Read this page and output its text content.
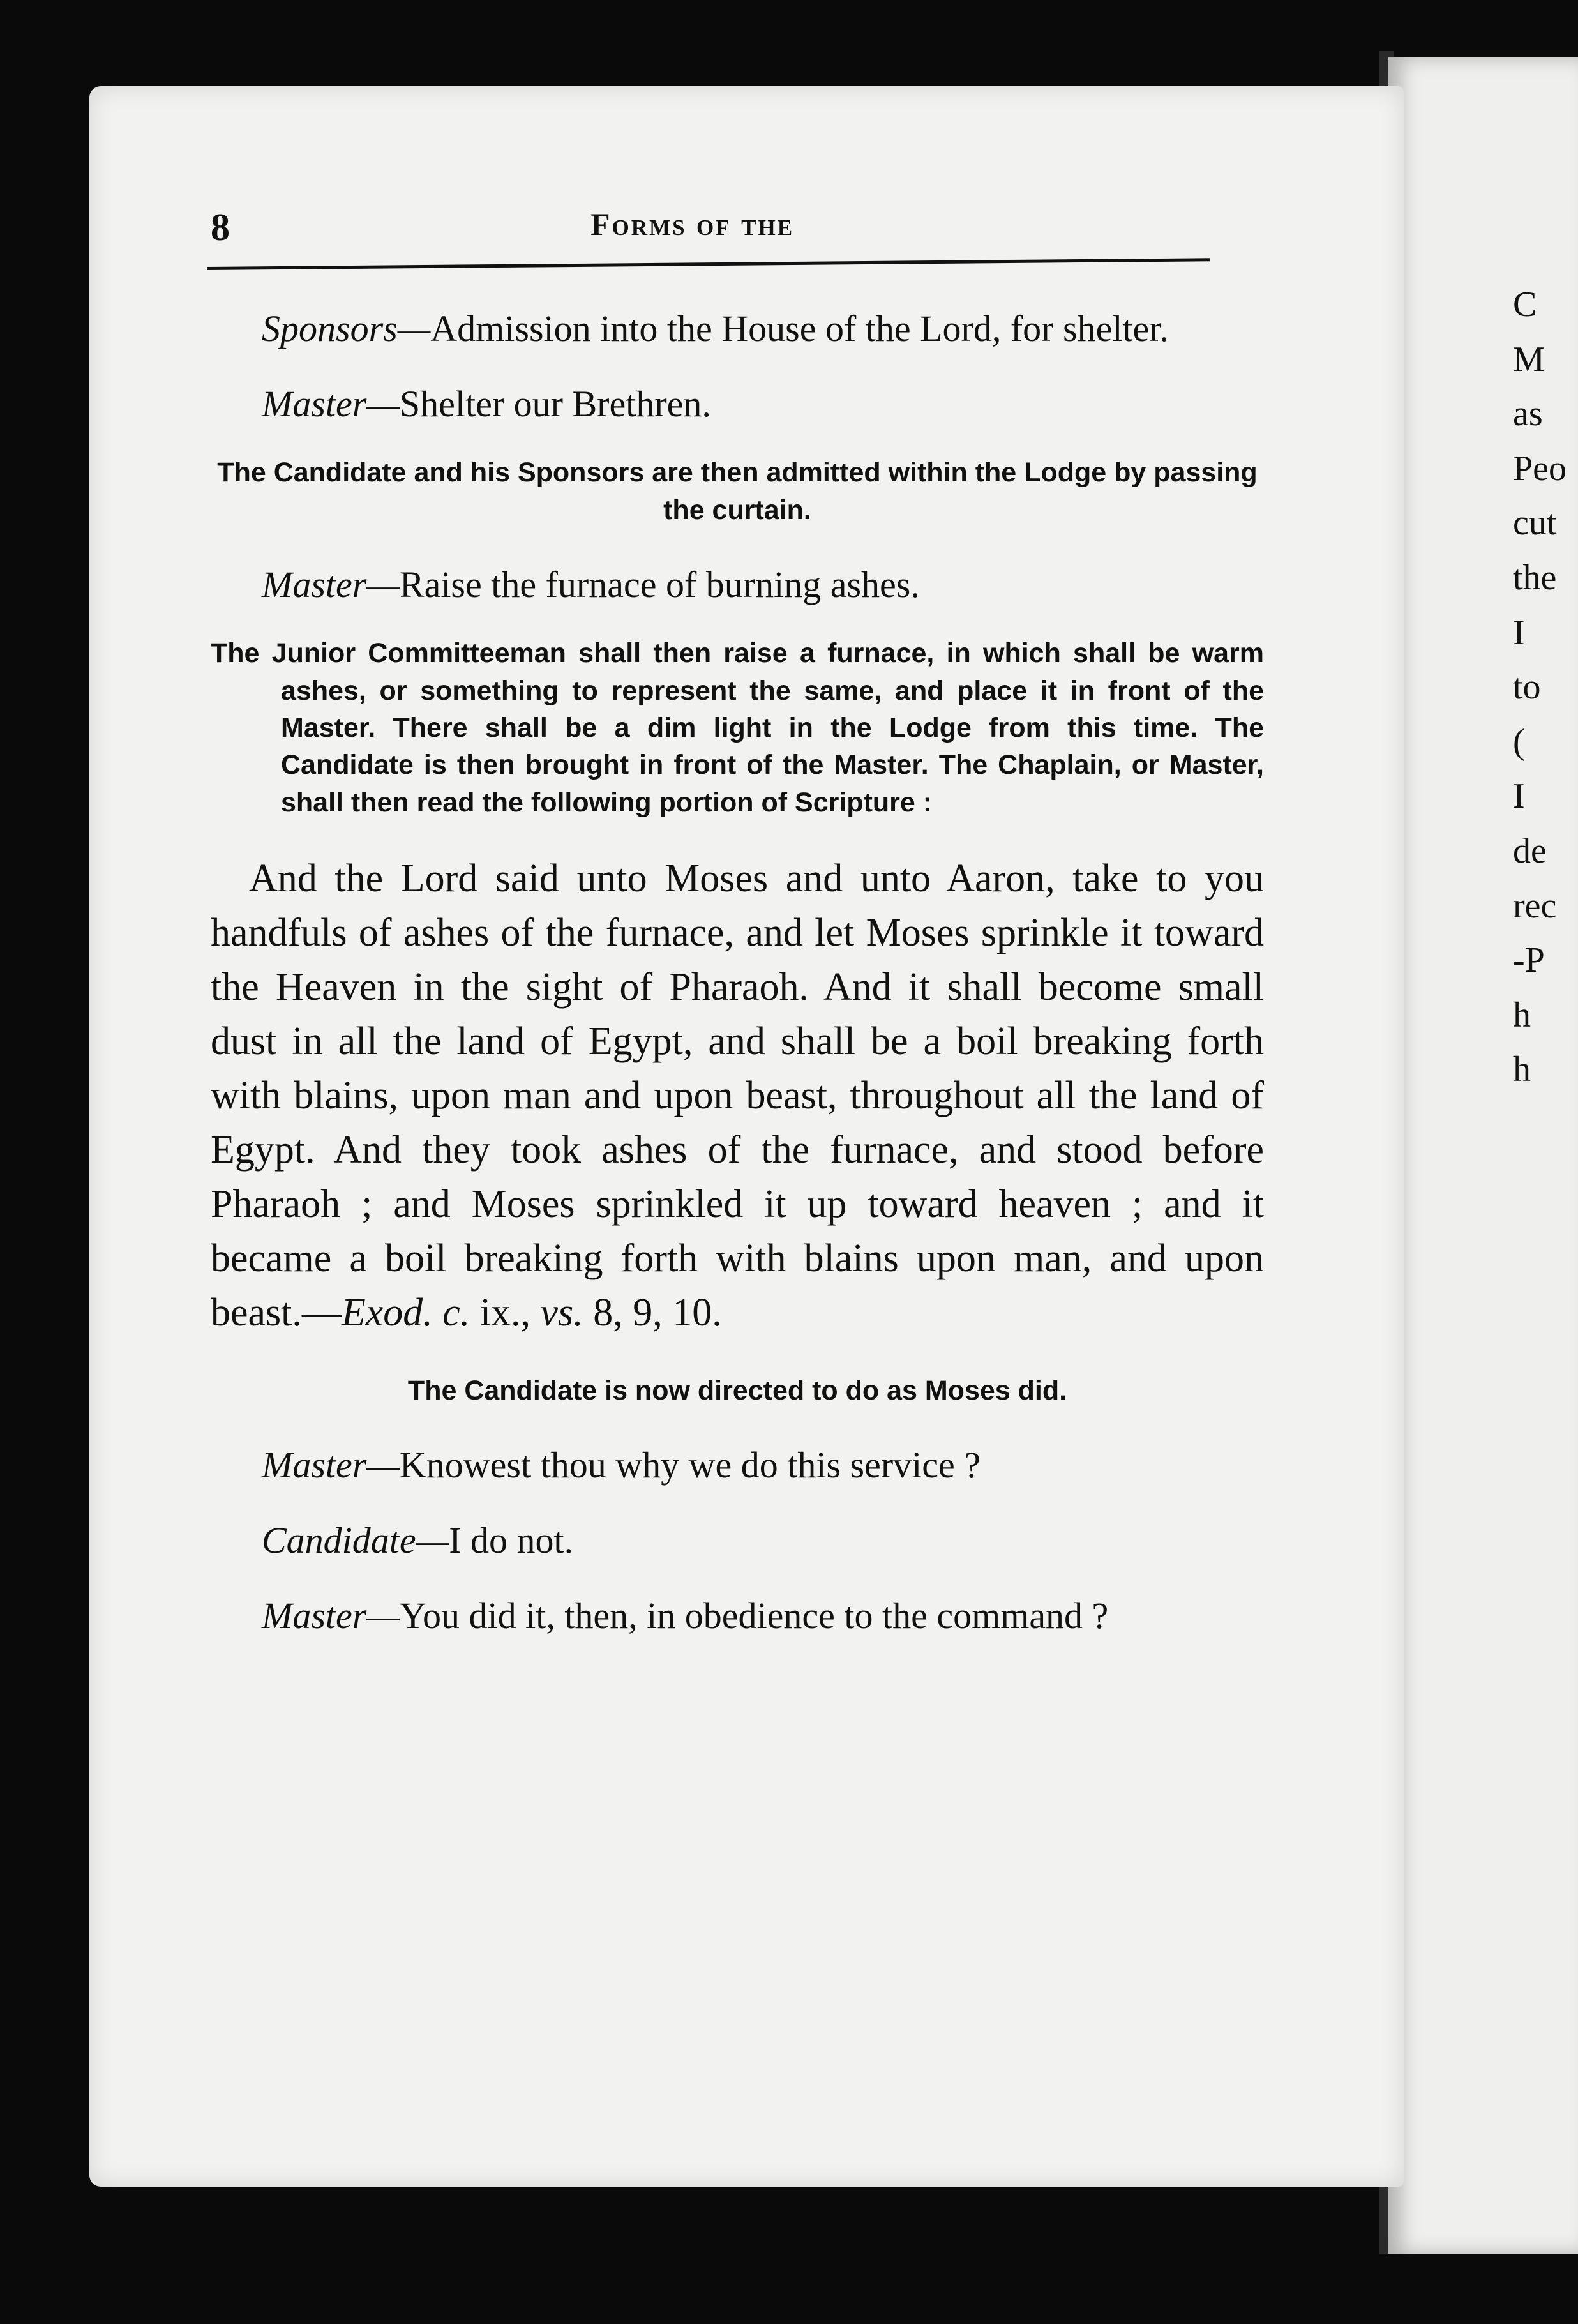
8	Forms of the

Sponsors—Admission into the House of the Lord, for shelter.

Master—Shelter our Brethren.

The Candidate and his Sponsors are then admitted within the Lodge by passing the curtain.

Master—Raise the furnace of burning ashes.

The Junior Committeeman shall then raise a furnace, in which shall be warm ashes, or something to represent the same, and place it in front of the Master. There shall be a dim light in the Lodge from this time. The Candidate is then brought in front of the Master. The Chaplain, or Master, shall then read the following portion of Scripture :

And the Lord said unto Moses and unto Aaron, take to you handfuls of ashes of the furnace, and let Moses sprinkle it toward the Heaven in the sight of Pharaoh. And it shall become small dust in all the land of Egypt, and shall be a boil breaking forth with blains, upon man and upon beast, throughout all the land of Egypt. And they took ashes of the furnace, and stood before Pharaoh ; and Moses sprinkled it up toward heaven ; and it became a boil breaking forth with blains upon man, and upon beast.—Exod. c. ix., vs. 8, 9, 10.

The Candidate is now directed to do as Moses did.

Master—Knowest thou why we do this service ?

Candidate—I do not.

Master—You did it, then, in obedience to the command ?

C
M
as
Peo
cut
the
I
to
(
I
de
rec
-P
h
h
